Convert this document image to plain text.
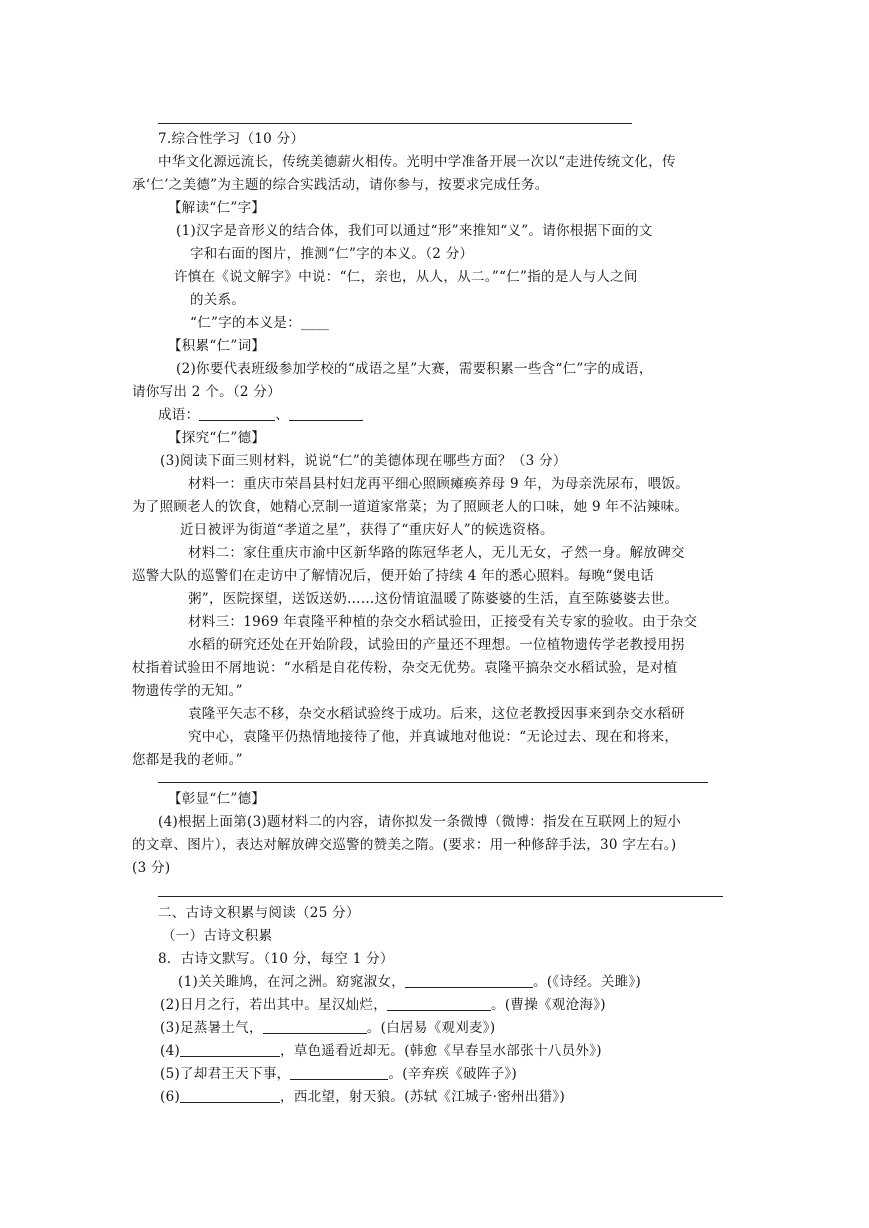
7.综合性学习（10 分）
中华文化源远流长，传统美德薪火相传。光明中学准备开展一次以“走进传统文化，传
承‘仁’之美德”为主题的综合实践活动，请你参与，按要求完成任务。
【解读“仁”字】
(1)汉字是音形义的结合体，我们可以通过“形”来推知“义”。请你根据下面的文
字和右面的图片，推测“仁”字的本义。（2 分）
许慎在《说文解字》中说：“仁，亲也，从人，从二。”“仁”指的是人与人之间
的关系。
“仁”字的本义是：____
【积累“仁”词】
(2)你要代表班级参加学校的“成语之星”大赛，需要积累一些含“仁”字的成语，
请你写出 2 个。（2 分）
成语：	、
【探究“仁”德】
(3)阅读下面三则材料，说说“仁”的美德体现在哪些方面？（3 分）
材料一：重庆市荣昌县村妇龙再平细心照顾瘫痪养母 9 年，为母亲洗尿布，喂饭。
为了照顾老人的饮食，她精心烹制一道道家常菜；为了照顾老人的口味，她 9 年不沾辣味。
近日被评为街道“孝道之星”，获得了“重庆好人”的候选资格。
材料二：家住重庆市渝中区新华路的陈冠华老人，无儿无女，孑然一身。解放碑交
巡警大队的巡警们在走访中了解情况后，便开始了持续 4 年的悉心照料。每晚“煲电话
粥”，医院探望，送饭送奶……这份情谊温暖了陈婆婆的生活，直至陈婆婆去世。
材料三：1969 年袁隆平种植的杂交水稻试验田，正接受有关专家的验收。由于杂交
水稻的研究还处在开始阶段，试验田的产量还不理想。一位植物遗传学老教授用拐
杖指着试验田不屑地说：“水稻是自花传粉，杂交无优势。袁隆平搞杂交水稻试验，是对植
物遗传学的无知。”
袁隆平矢志不移，杂交水稻试验终于成功。后来，这位老教授因事来到杂交水稻研
究中心，袁隆平仍热情地接待了他，并真诚地对他说：“无论过去、现在和将来，
您都是我的老师。”
【彰显“仁”德】
(4)根据上面第(3)题材料二的内容，请你拟发一条微博（微博：指发在互联网上的短小
的文章、图片），表达对解放碑交巡警的赞美之隋。(要求：用一种修辞手法，30 字左右。)
(3 分)
二、古诗文积累与阅读（25 分）
（一）古诗文积累
8．古诗文默写。（10 分，每空 1 分）
(1)关关雎鸠，在河之洲。窈窕淑女，	。(《诗经。关雎》)
(2)日月之行，若出其中。星汉灿烂，	。(曹操《观沧海》)
(3)足蒸暑土气，	。(白居易《观刈麦》)
(4)	，草色遥看近却无。(韩愈《早春呈水部张十八员外》)
(5)了却君王天下事，	。(辛弃疾《破阵子》)
(6)	，西北望，射天狼。(苏轼《江城子·密州出猎》)
